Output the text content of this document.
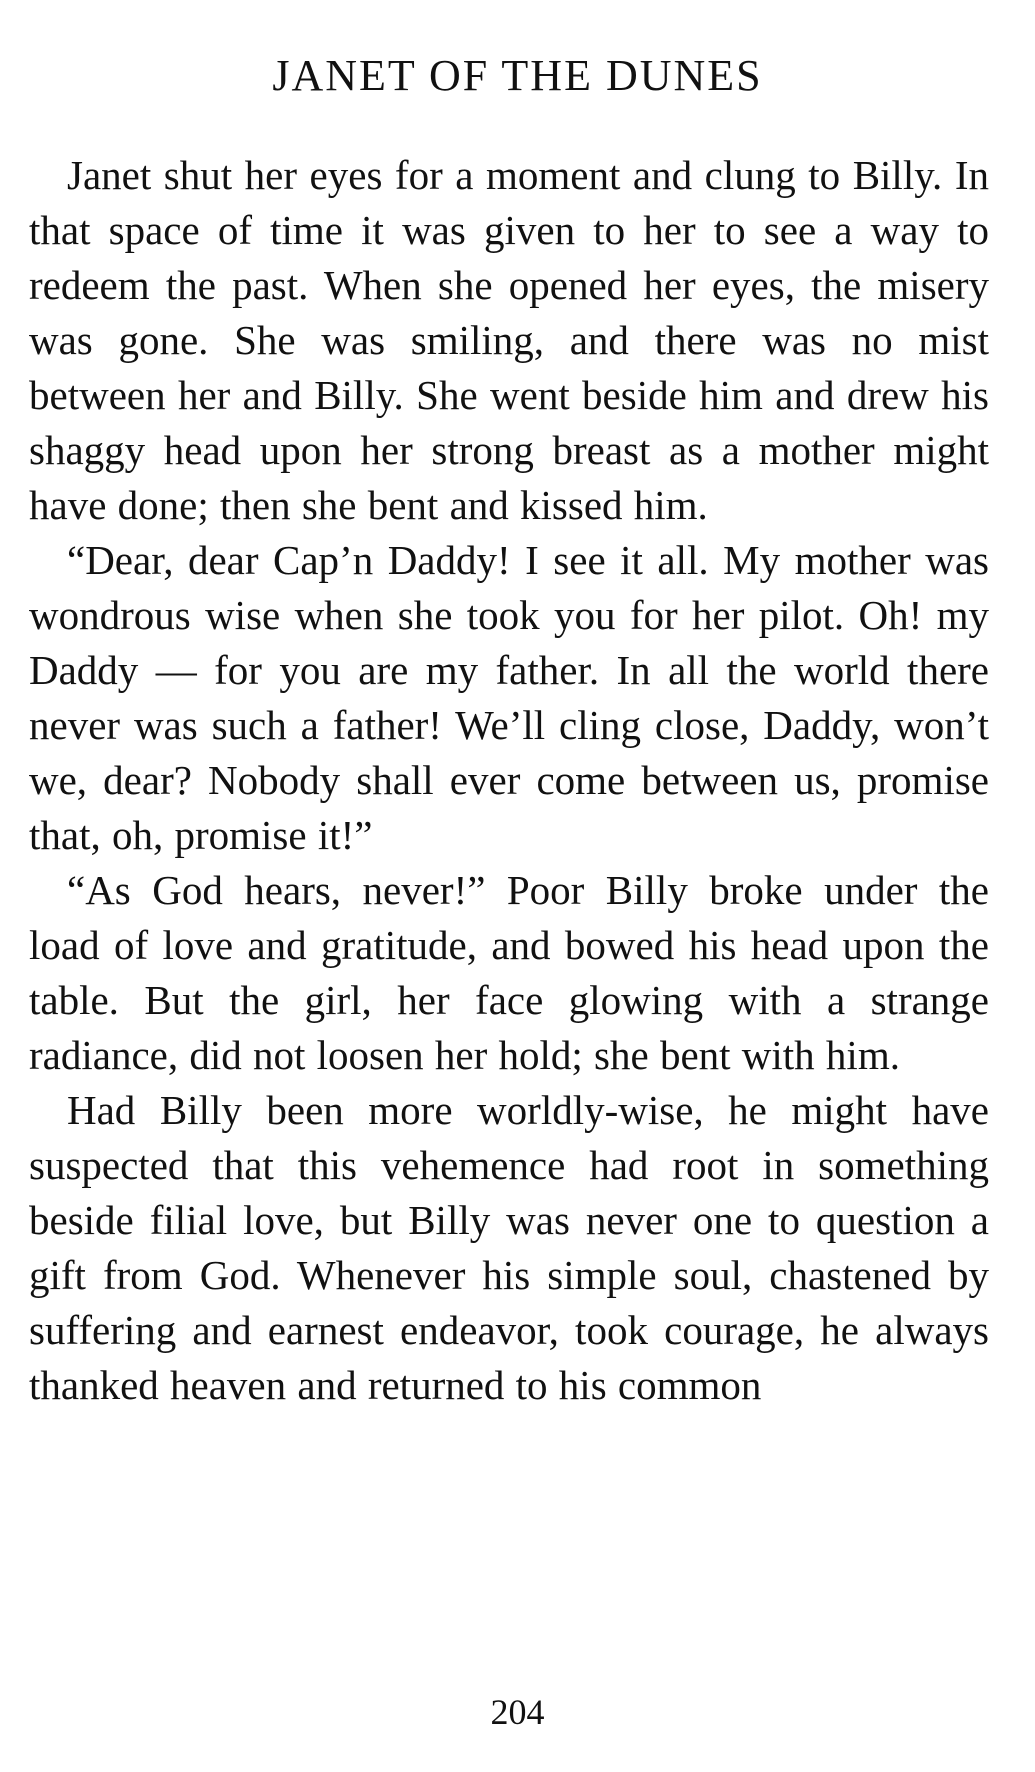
JANET OF THE DUNES

Janet shut her eyes for a moment and clung to Billy. In that space of time it was given to her to see a way to redeem the past. When she opened her eyes, the misery was gone. She was smiling, and there was no mist between her and Billy. She went beside him and drew his shaggy head upon her strong breast as a mother might have done; then she bent and kissed him.

“Dear, dear Cap’n Daddy! I see it all. My mother was wondrous wise when she took you for her pilot. Oh! my Daddy — for you are my father. In all the world there never was such a father! We’ll cling close, Daddy, won’t we, dear? Nobody shall ever come between us, promise that, oh, promise it!”

“As God hears, never!” Poor Billy broke under the load of love and gratitude, and bowed his head upon the table. But the girl, her face glowing with a strange radiance, did not loosen her hold; she bent with him.

Had Billy been more worldly-wise, he might have suspected that this vehemence had root in something beside filial love, but Billy was never one to question a gift from God. Whenever his simple soul, chastened by suffering and earnest endeavor, took courage, he always thanked heaven and returned to his common

204
